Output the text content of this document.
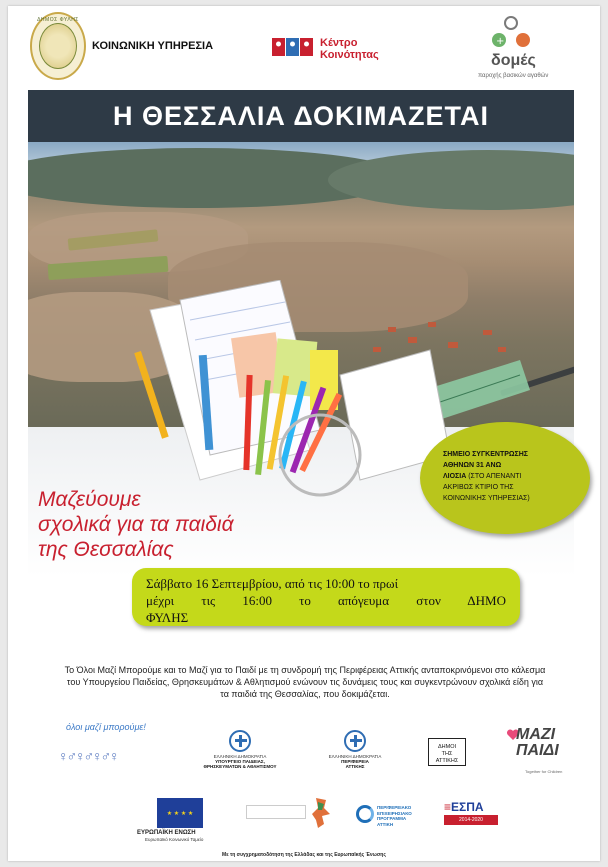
ΔΗΜΟΣ ΦΥΛΗΣ
ΚΟΙΝΩΝΙΚΗ ΥΠΗΡΕΣΙΑ	Κέντρο
Κοινότητας
+
δομές
παροχής βασικών αγαθών
Η ΘΕΣΣΑΛΙΑ ΔΟΚΙΜΑΖΕΤΑΙ
Μαζεύουμε
σχολικά για τα παιδιά
της Θεσσαλίας
ΣΗΜΕΙΟ ΣΥΓΚΕΝΤΡΩΣΗΣ
ΑΘΗΝΩΝ 31 ΑΝΩ
ΛΙΟΣΙΑ (ΣΤΟ ΑΠΕΝΑΝΤΙ
ΑΚΡΙΒΩΣ ΚΤΙΡΙΟ ΤΗΣ
ΚΟΙΝΩΝΙΚΗΣ ΥΠΗΡΕΣΙΑΣ)

Σάββατο 16 Σεπτεμβρίου, από τις 10:00 το πρωί

μέχρι τις 16:00 το απόγευμα στον ΔΗΜΟ

ΦΥΛΗΣ

Το Όλοι Μαζί Μπορούμε και το Μαζί για το Παιδί με τη συνδρομή της Περιφέρειας Αττικής ανταποκρινόμενοι στο κάλεσμα του Υπουργείου Παιδείας, Θρησκευμάτων & Αθλητισμού ενώνουν τις δυνάμεις τους και συγκεντρώνουν σχολικά είδη για τα παιδιά της Θεσσαλίας, που δοκιμάζεται.
όλοι μαζί μπορούμε!
♀♂♀♂♀♂♀	ΕΛΛΗΝΙΚΗ ΔΗΜΟΚΡΑΤΙΑ
ΥΠΟΥΡΓΕΙΟ ΠΑΙΔΕΙΑΣ,
ΘΡΗΣΚΕΥΜΑΤΩΝ & ΑΘΛΗΤΙΣΜΟΥ
ΕΛΛΗΝΙΚΗ ΔΗΜΟΚΡΑΤΙΑ
ΠΕΡΙΦΕΡΕΙΑ
ΑΤΤΙΚΗΣ
ΔΗΜΟΙ
ΤΗΣ
ΑΤΤΙΚΗΣ
ΜΑΖΙ
ΠΑΙΔΙ
Together for Children
★ ★ ★ ★
ΕΥΡΩΠΑΪΚΗ ΕΝΩΣΗ
Ευρωπαϊκό Κοινωνικό Ταμείο
ΠΕΡΙΦΕΡΕΙΑΚΟ
ΕΠΙΧΕΙΡΗΣΙΑΚΟ
ΠΡΟΓΡΑΜΜΑ
ΑΤΤΙΚΗ
≡ΕΣΠΑ
2014-2020
Με τη συγχρηματοδότηση της Ελλάδας και της Ευρωπαϊκής Ένωσης
